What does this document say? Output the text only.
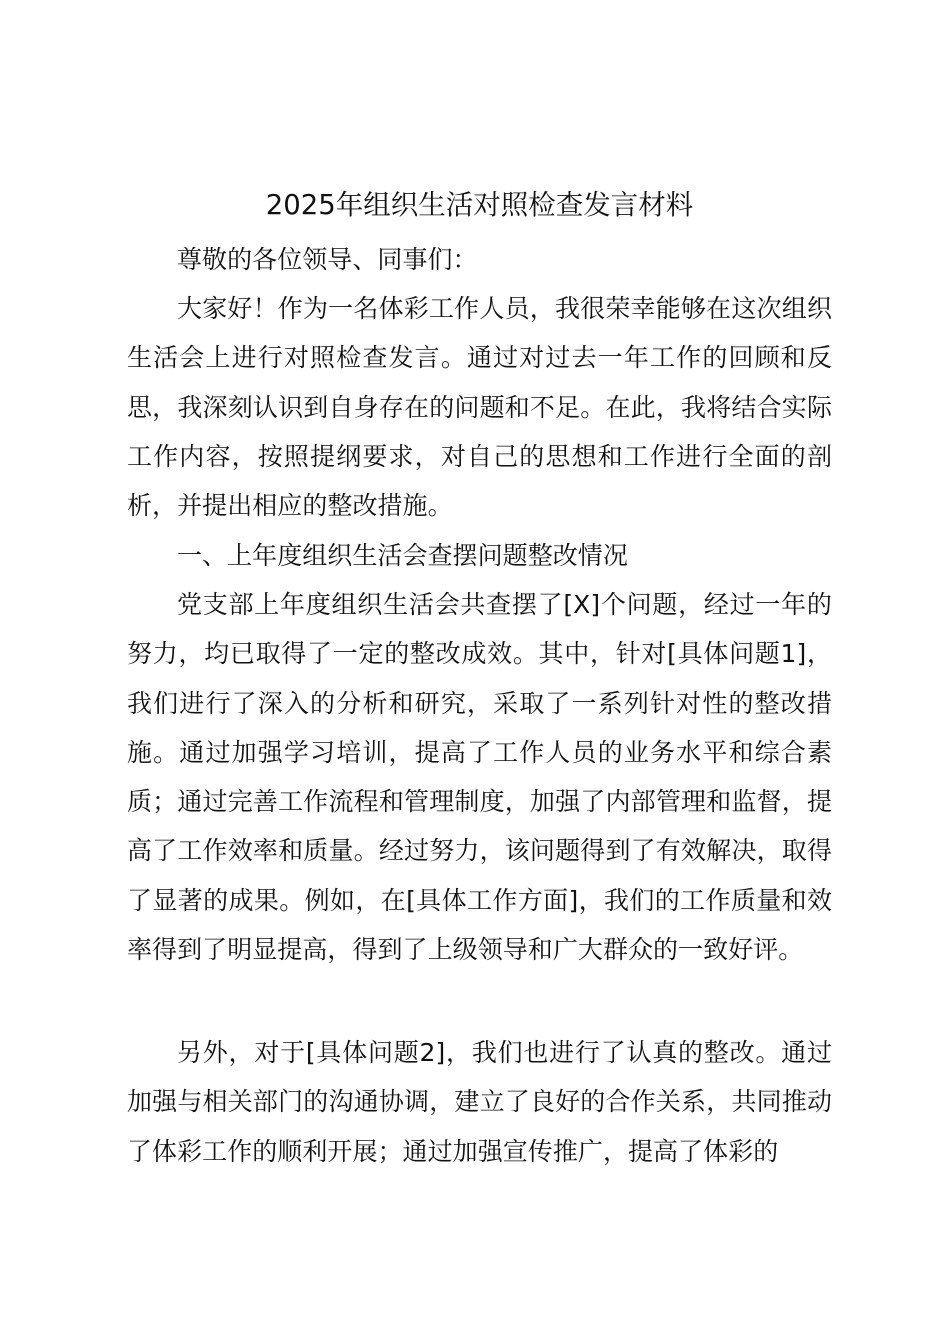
2025年组织生活对照检查发言材料

尊敬的各位领导、同事们：

大家好！作为一名体彩工作人员，我很荣幸能够在这次组织生活会上进行对照检查发言。通过对过去一年工作的回顾和反思，我深刻认识到自身存在的问题和不足。在此，我将结合实际工作内容，按照提纲要求，对自己的思想和工作进行全面的剖析，并提出相应的整改措施。

一、上年度组织生活会查摆问题整改情况

党支部上年度组织生活会共查摆了[X]个问题，经过一年的努力，均已取得了一定的整改成效。其中，针对[具体问题1]，我们进行了深入的分析和研究，采取了一系列针对性的整改措施。通过加强学习培训，提高了工作人员的业务水平和综合素质；通过完善工作流程和管理制度，加强了内部管理和监督，提高了工作效率和质量。经过努力，该问题得到了有效解决，取得了显著的成果。例如，在[具体工作方面]，我们的工作质量和效率得到了明显提高，得到了上级领导和广大群众的一致好评。

另外，对于[具体问题2]，我们也进行了认真的整改。通过加强与相关部门的沟通协调，建立了良好的合作关系，共同推动了体彩工作的顺利开展；通过加强宣传推广，提高了体彩的
